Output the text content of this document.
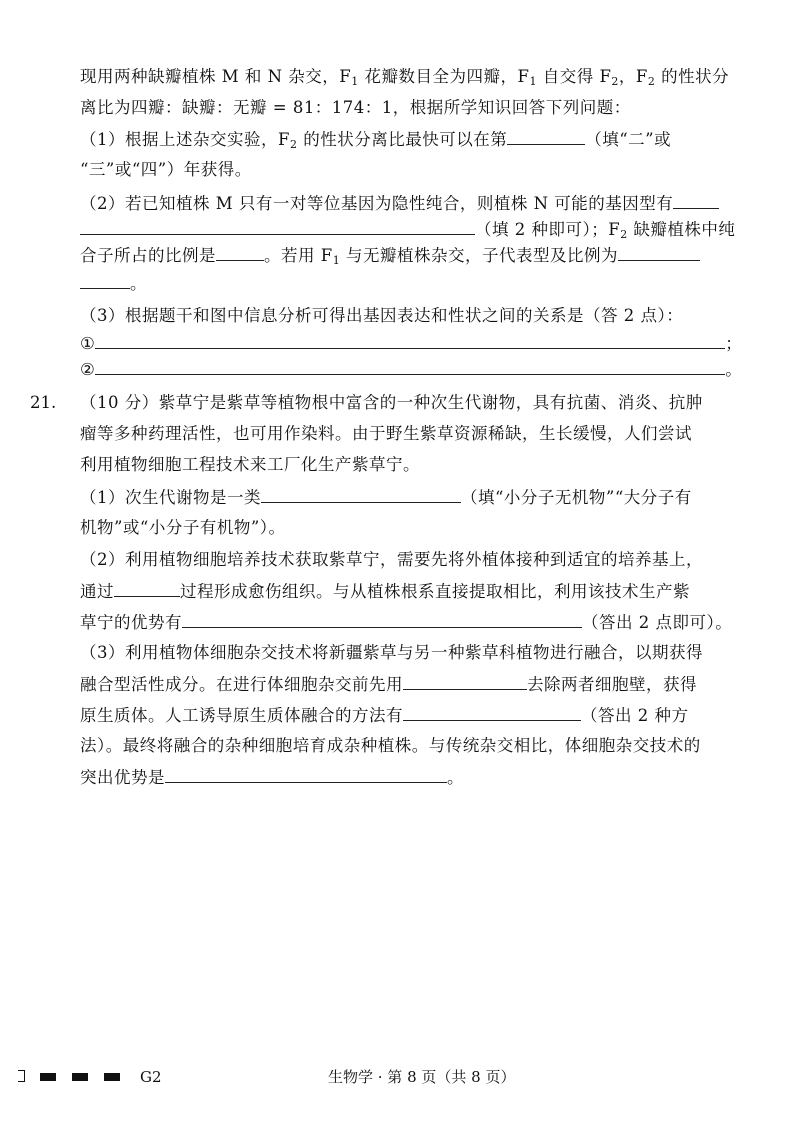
现用两种缺瓣植株 M 和 N 杂交，$F_1$ 花瓣数目全为四瓣，$F_1$ 自交得 $F_2$，$F_2$ 的性状分
离比为四瓣：缺瓣：无瓣 = 81：174：1，根据所学知识回答下列问题：
（1）根据上述杂交实验，$F_2$ 的性状分离比最快可以在第	（填“二”或
“三”或“四”）年获得。
（2）若已知植株 M 只有一对等位基因为隐性纯合，则植株 N 可能的基因型有
（填 2 种即可）；$F_2$ 缺瓣植株中纯
合子所占的比例是	。若用 $F_1$ 与无瓣植株杂交，子代表型及比例为
。
（3）根据题干和图中信息分析可得出基因表达和性状之间的关系是（答 2 点）：
①	；
②	。
21. （10 分）紫草宁是紫草等植物根中富含的一种次生代谢物，具有抗菌、消炎、抗肿
瘤等多种药理活性，也可用作染料。由于野生紫草资源稀缺，生长缓慢，人们尝试
利用植物细胞工程技术来工厂化生产紫草宁。
（1）次生代谢物是一类	（填“小分子无机物”“大分子有
机物”或“小分子有机物”）。
（2）利用植物细胞培养技术获取紫草宁，需要先将外植体接种到适宜的培养基上，
通过	过程形成愈伤组织。与从植株根系直接提取相比，利用该技术生产紫
草宁的优势有	（答出 2 点即可）。
（3）利用植物体细胞杂交技术将新疆紫草与另一种紫草科植物进行融合，以期获得
融合型活性成分。在进行体细胞杂交前先用	去除两者细胞壁，获得
原生质体。人工诱导原生质体融合的方法有	（答出 2 种方
法）。最终将融合的杂种细胞培育成杂种植株。与传统杂交相比，体细胞杂交技术的
突出优势是	。
G2	生物学 · 第 8 页（共 8 页）
